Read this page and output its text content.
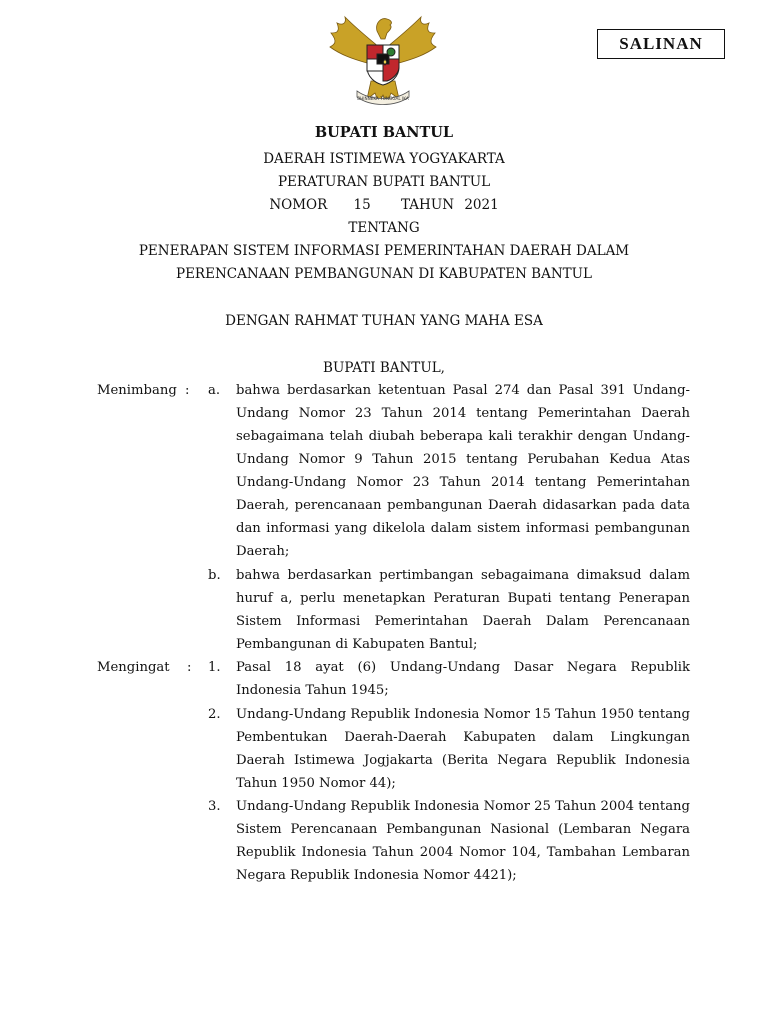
SALINAN
BHINNEKA TUNGGAL IKA
BUPATI BANTUL
DAERAH ISTIMEWA YOGYAKARTA
PERATURAN BUPATI BANTUL
NOMOR 15 TAHUN 2021
TENTANG
PENERAPAN SISTEM INFORMASI PEMERINTAHAN DAERAH DALAM
PERENCANAAN PEMBANGUNAN DI KABUPATEN BANTUL
DENGAN RAHMAT TUHAN YANG MAHA ESA
BUPATI BANTUL,
Menimbang : a. bahwa berdasarkan ketentuan Pasal 274 dan Pasal 391 Undang-Undang Nomor 23 Tahun 2014 tentang Pemerintahan Daerah sebagaimana telah diubah beberapa kali terakhir dengan Undang-Undang Nomor 9 Tahun 2015 tentang Perubahan Kedua Atas Undang-Undang Nomor 23 Tahun 2014 tentang Pemerintahan Daerah, perencanaan pembangunan Daerah didasarkan pada data dan informasi yang dikelola dalam sistem informasi pembangunan Daerah;
b. bahwa berdasarkan pertimbangan sebagaimana dimaksud dalam huruf a, perlu menetapkan Peraturan Bupati tentang Penerapan Sistem Informasi Pemerintahan Daerah Dalam Perencanaan Pembangunan di Kabupaten Bantul;
Mengingat : 1. Pasal 18 ayat (6) Undang-Undang Dasar Negara Republik Indonesia Tahun 1945;
2. Undang-Undang Republik Indonesia Nomor 15 Tahun 1950 tentang Pembentukan Daerah-Daerah Kabupaten dalam Lingkungan Daerah Istimewa Jogjakarta (Berita Negara Republik Indonesia Tahun 1950 Nomor 44);
3. Undang-Undang Republik Indonesia Nomor 25 Tahun 2004 tentang Sistem Perencanaan Pembangunan Nasional (Lembaran Negara Republik Indonesia Tahun 2004 Nomor 104, Tambahan Lembaran Negara Republik Indonesia Nomor 4421);
